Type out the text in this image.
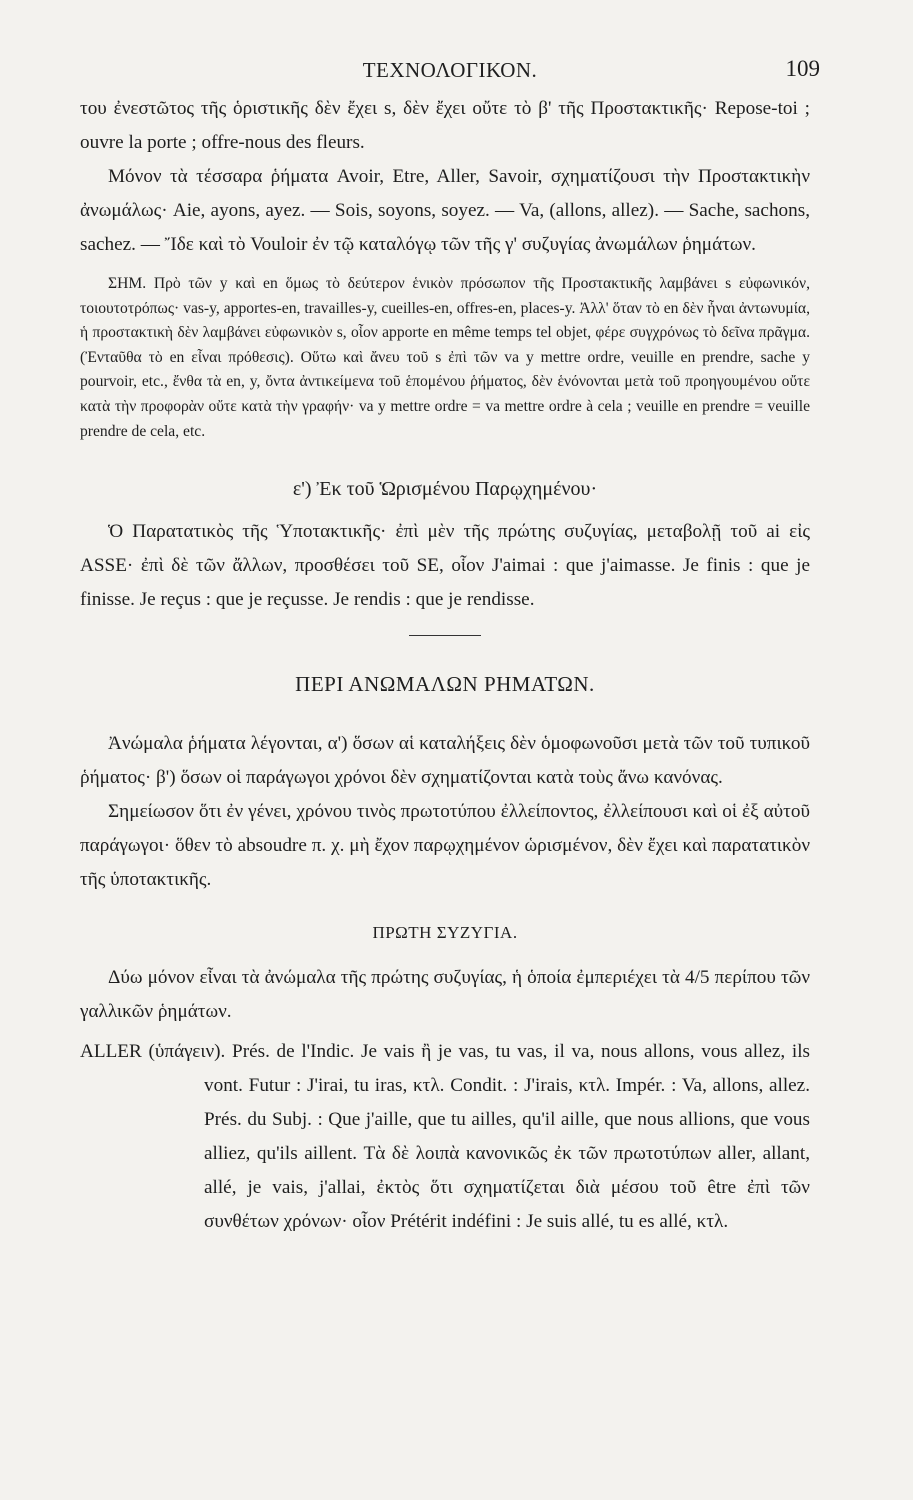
ΤΕΧΝΟΛΟΓΙΚΟΝ.	109

του ἐνεστῶτος τῆς ὁριστικῆς δὲν ἔχει s, δὲν ἔχει οὔτε τὸ β' τῆς Προστακτικῆς· Repose-toi ; ouvre la porte ; offre-nous des fleurs.

Μόνον τὰ τέσσαρα ῥήματα Avoir, Etre, Aller, Savoir, σχηματίζουσι τὴν Προστακτικὴν ἀνωμάλως· Aie, ayons, ayez. — Sois, soyons, soyez. — Va, (allons, allez). — Sache, sachons, sachez. — Ἴδε καὶ τὸ Vouloir ἐν τῷ καταλόγῳ τῶν τῆς γ' συζυγίας ἀνωμάλων ῥημάτων.

ΣΗΜ. Πρὸ τῶν y καὶ en ὅμως τὸ δεύτερον ἑνικὸν πρόσωπον τῆς Προστακτικῆς λαμβάνει s εὐφωνικόν, τοιουτοτρόπως· vas-y, apportes-en, travailles-y, cueilles-en, offres-en, places-y. Ἀλλ' ὅταν τὸ en δὲν ἦναι ἀντωνυμία, ἡ προστακτικὴ δὲν λαμβάνει εὐφωνικὸν s, οἷον apporte en même temps tel objet, φέρε συγχρόνως τὸ δεῖνα πρᾶγμα. (Ἐνταῦθα τὸ en εἶναι πρόθεσις). Οὕτω καὶ ἄνευ τοῦ s ἐπὶ τῶν va y mettre ordre, veuille en prendre, sache y pourvoir, etc., ἔνθα τὰ en, y, ὄντα ἀντικείμενα τοῦ ἑπομένου ῥήματος, δὲν ἑνόνονται μετὰ τοῦ προηγουμένου οὔτε κατὰ τὴν προφορὰν οὔτε κατὰ τὴν γραφήν· va y mettre ordre = va mettre ordre à cela ; veuille en prendre = veuille prendre de cela, etc.

ε') Ἐκ τοῦ Ὡρισμένου Παρῳχημένου·

Ὁ Παρατατικὸς τῆς Ὑποτακτικῆς· ἐπὶ μὲν τῆς πρώτης συζυγίας, μεταβολῇ τοῦ ai εἰς ASSE· ἐπὶ δὲ τῶν ἄλλων, προσθέσει τοῦ SE, οἷον J'aimai : que j'aimasse. Je finis : que je finisse. Je reçus : que je reçusse. Je rendis : que je rendisse.

ΠΕΡΙ ΑΝΩΜΑΛΩΝ ΡΗΜΑΤΩΝ.

Ἀνώμαλα ῥήματα λέγονται, α') ὅσων αἱ καταλήξεις δὲν ὁμοφωνοῦσι μετὰ τῶν τοῦ τυπικοῦ ῥήματος· β') ὅσων οἱ παράγωγοι χρόνοι δὲν σχηματίζονται κατὰ τοὺς ἄνω κανόνας.

Σημείωσον ὅτι ἐν γένει, χρόνου τινὸς πρωτοτύπου ἐλλείποντος, ἐλλείπουσι καὶ οἱ ἐξ αὐτοῦ παράγωγοι· ὅθεν τὸ absoudre π. χ. μὴ ἔχον παρῳχημένον ὡρισμένον, δὲν ἔχει καὶ παρατατικὸν τῆς ὑποτακτικῆς.

ΠΡΩΤΗ ΣΥΖΥΓΙΑ.

Δύω μόνον εἶναι τὰ ἀνώμαλα τῆς πρώτης συζυγίας, ἡ ὁποία ἐμπεριέχει τὰ 4/5 περίπου τῶν γαλλικῶν ῥημάτων.

ALLER (ὑπάγειν). Prés. de l'Indic. Je vais ἢ je vas, tu vas, il va, nous allons, vous allez, ils vont. Futur : J'irai, tu iras, κτλ. Condit. : J'irais, κτλ. Impér. : Va, allons, allez. Prés. du Subj. : Que j'aille, que tu ailles, qu'il aille, que nous allions, que vous alliez, qu'ils aillent. Τὰ δὲ λοιπὰ κανονικῶς ἐκ τῶν πρωτοτύπων aller, allant, allé, je vais, j'allai, ἐκτὸς ὅτι σχηματίζεται διὰ μέσου τοῦ être ἐπὶ τῶν συνθέτων χρόνων· οἷον Prétérit indéfini : Je suis allé, tu es allé, κτλ.
